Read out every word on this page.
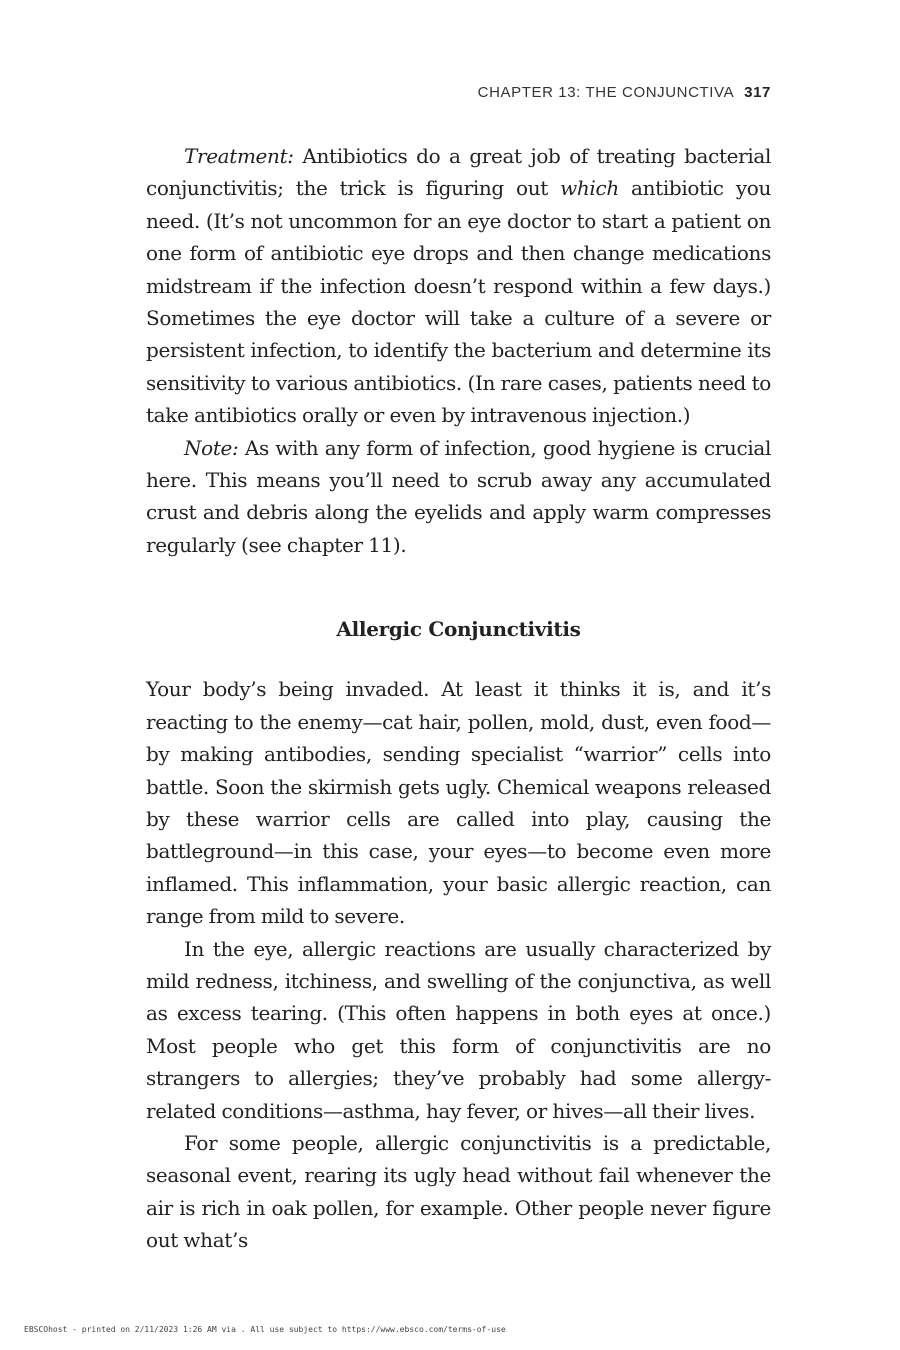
CHAPTER 13: THE CONJUNCTIVA 317

Treatment: Antibiotics do a great job of treating bacterial conjunctivitis; the trick is figuring out which antibiotic you need. (It’s not uncommon for an eye doctor to start a patient on one form of antibiotic eye drops and then change medications midstream if the infection doesn’t respond within a few days.) Sometimes the eye doctor will take a culture of a severe or persistent infection, to identify the bacterium and determine its sensitivity to various antibiotics. (In rare cases, patients need to take antibiotics orally or even by intravenous injection.)

Note: As with any form of infection, good hygiene is crucial here. This means you’ll need to scrub away any accumulated crust and debris along the eyelids and apply warm compresses regularly (see chapter 11).

Allergic Conjunctivitis

Your body’s being invaded. At least it thinks it is, and it’s reacting to the enemy—cat hair, pollen, mold, dust, even food—by making antibodies, sending specialist “warrior” cells into battle. Soon the skirmish gets ugly. Chemical weapons released by these warrior cells are called into play, causing the battleground—in this case, your eyes—to become even more inflamed. This inflammation, your basic allergic reaction, can range from mild to severe.

In the eye, allergic reactions are usually characterized by mild redness, itchiness, and swelling of the conjunctiva, as well as excess tearing. (This often happens in both eyes at once.) Most people who get this form of conjunctivitis are no strangers to allergies; they’ve probably had some allergy-related conditions—asthma, hay fever, or hives—all their lives.

For some people, allergic conjunctivitis is a predictable, seasonal event, rearing its ugly head without fail whenever the air is rich in oak pollen, for example. Other people never figure out what’s

EBSCOhost - printed on 2/11/2023 1:26 AM via . All use subject to https://www.ebsco.com/terms-of-use
